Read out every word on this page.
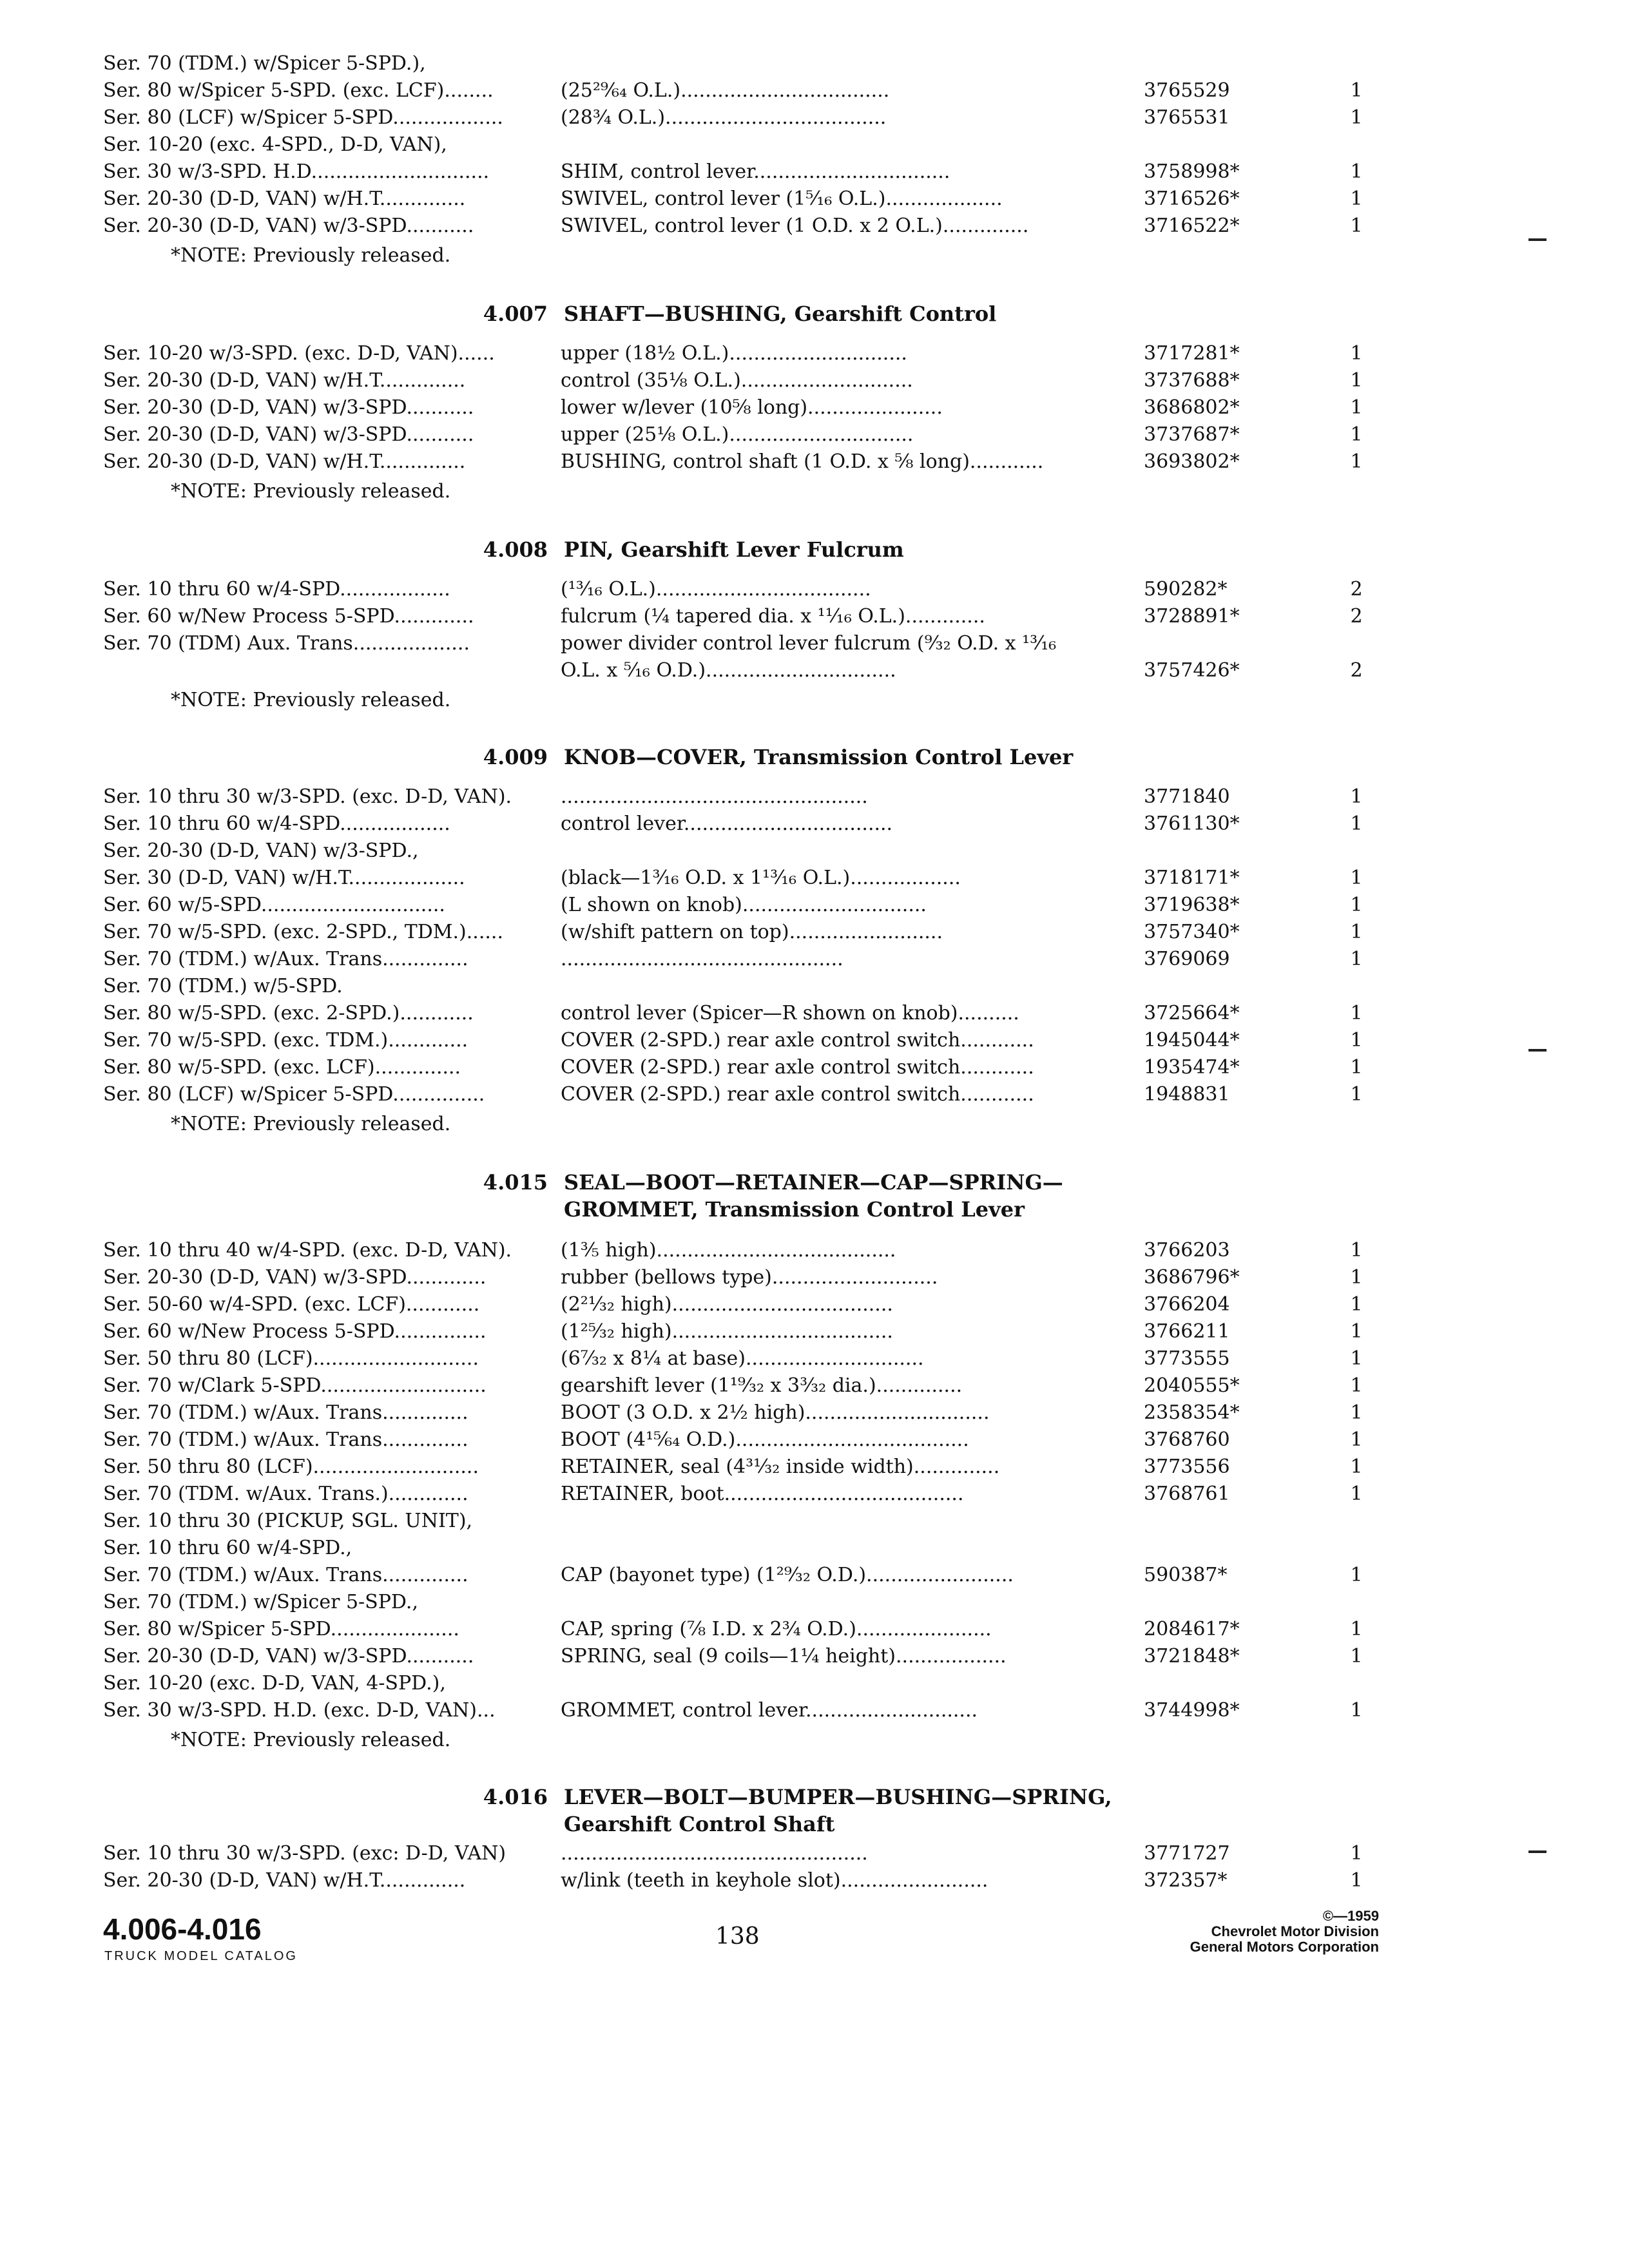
Ser. 70 (TDM.) w/Spicer 5-SPD.),
Ser. 80 w/Spicer 5-SPD. (exc. LCF)........	(25²⁹⁄₆₄ O.L.)..................................	3765529	1
Ser. 80 (LCF) w/Spicer 5-SPD..................	(28¾ O.L.)....................................	3765531	1
Ser. 10-20 (exc. 4-SPD., D-D, VAN),
Ser. 30 w/3-SPD. H.D.............................	SHIM, control lever................................	3758998*	1
Ser. 20-30 (D-D, VAN) w/H.T..............	SWIVEL, control lever (1⁵⁄₁₆ O.L.)...................	3716526*	1
Ser. 20-30 (D-D, VAN) w/3-SPD...........	SWIVEL, control lever (1 O.D. x 2 O.L.)..............	3716522*	1
*NOTE: Previously released.
4.007 SHAFT—BUSHING, Gearshift Control
Ser. 10-20 w/3-SPD. (exc. D-D, VAN)......	upper (18½ O.L.).............................	3717281*	1
Ser. 20-30 (D-D, VAN) w/H.T..............	control (35⅛ O.L.)............................	3737688*	1
Ser. 20-30 (D-D, VAN) w/3-SPD...........	lower w/lever (10⅝ long)......................	3686802*	1
Ser. 20-30 (D-D, VAN) w/3-SPD...........	upper (25⅛ O.L.)..............................	3737687*	1
Ser. 20-30 (D-D, VAN) w/H.T..............	BUSHING, control shaft (1 O.D. x ⅝ long)............	3693802*	1
*NOTE: Previously released.
4.008 PIN, Gearshift Lever Fulcrum
Ser. 10 thru 60 w/4-SPD..................	(¹³⁄₁₆ O.L.)...................................	590282*	2
Ser. 60 w/New Process 5-SPD.............	fulcrum (¼ tapered dia. x ¹¹⁄₁₆ O.L.).............	3728891*	2
Ser. 70 (TDM) Aux. Trans...................	power divider control lever fulcrum (⁹⁄₃₂ O.D. x ¹³⁄₁₆
O.L. x ⁵⁄₁₆ O.D.)...............................	3757426*	2
*NOTE: Previously released.
4.009 KNOB—COVER, Transmission Control Lever
Ser. 10 thru 30 w/3-SPD. (exc. D-D, VAN).	..................................................	3771840	1
Ser. 10 thru 60 w/4-SPD..................	control lever..................................	3761130*	1
Ser. 20-30 (D-D, VAN) w/3-SPD.,
Ser. 30 (D-D, VAN) w/H.T...................	(black—1³⁄₁₆ O.D. x 1¹³⁄₁₆ O.L.)..................	3718171*	1
Ser. 60 w/5-SPD..............................	(L shown on knob)..............................	3719638*	1
Ser. 70 w/5-SPD. (exc. 2-SPD., TDM.)......	(w/shift pattern on top).........................	3757340*	1
Ser. 70 (TDM.) w/Aux. Trans..............	..............................................	3769069	1
Ser. 70 (TDM.) w/5-SPD.
Ser. 80 w/5-SPD. (exc. 2-SPD.)............	control lever (Spicer—R shown on knob)..........	3725664*	1
Ser. 70 w/5-SPD. (exc. TDM.).............	COVER (2-SPD.) rear axle control switch............	1945044*	1
Ser. 80 w/5-SPD. (exc. LCF)..............	COVER (2-SPD.) rear axle control switch............	1935474*	1
Ser. 80 (LCF) w/Spicer 5-SPD...............	COVER (2-SPD.) rear axle control switch............	1948831	1
*NOTE: Previously released.
4.015 SEAL—BOOT—RETAINER—CAP—SPRING—
GROMMET, Transmission Control Lever
Ser. 10 thru 40 w/4-SPD. (exc. D-D, VAN).	(1⅗ high).......................................	3766203	1
Ser. 20-30 (D-D, VAN) w/3-SPD.............	rubber (bellows type)...........................	3686796*	1
Ser. 50-60 w/4-SPD. (exc. LCF)............	(2²¹⁄₃₂ high)....................................	3766204	1
Ser. 60 w/New Process 5-SPD...............	(1²⁵⁄₃₂ high)....................................	3766211	1
Ser. 50 thru 80 (LCF)...........................	(6⁷⁄₃₂ x 8¼ at base).............................	3773555	1
Ser. 70 w/Clark 5-SPD...........................	gearshift lever (1¹⁹⁄₃₂ x 3³⁄₃₂ dia.)..............	2040555*	1
Ser. 70 (TDM.) w/Aux. Trans..............	BOOT (3 O.D. x 2½ high)..............................	2358354*	1
Ser. 70 (TDM.) w/Aux. Trans..............	BOOT (4¹⁵⁄₆₄ O.D.)......................................	3768760	1
Ser. 50 thru 80 (LCF)...........................	RETAINER, seal (4³¹⁄₃₂ inside width)..............	3773556	1
Ser. 70 (TDM. w/Aux. Trans.).............	RETAINER, boot.......................................	3768761	1
Ser. 10 thru 30 (PICKUP, SGL. UNIT),
Ser. 10 thru 60 w/4-SPD.,
Ser. 70 (TDM.) w/Aux. Trans..............	CAP (bayonet type) (1²⁹⁄₃₂ O.D.)........................	590387*	1
Ser. 70 (TDM.) w/Spicer 5-SPD.,
Ser. 80 w/Spicer 5-SPD.....................	CAP, spring (⅞ I.D. x 2¾ O.D.)......................	2084617*	1
Ser. 20-30 (D-D, VAN) w/3-SPD...........	SPRING, seal (9 coils—1¼ height)..................	3721848*	1
Ser. 10-20 (exc. D-D, VAN, 4-SPD.),
Ser. 30 w/3-SPD. H.D. (exc. D-D, VAN)...	GROMMET, control lever............................	3744998*	1
*NOTE: Previously released.
4.016 LEVER—BOLT—BUMPER—BUSHING—SPRING,
Gearshift Control Shaft
Ser. 10 thru 30 w/3-SPD. (exc: D-D, VAN)	..................................................	3771727	1
Ser. 20-30 (D-D, VAN) w/H.T..............	w/link (teeth in keyhole slot)........................	372357*	1
4.006-4.016
TRUCK MODEL CATALOG
138
©—1959
Chevrolet Motor Division
General Motors Corporation
